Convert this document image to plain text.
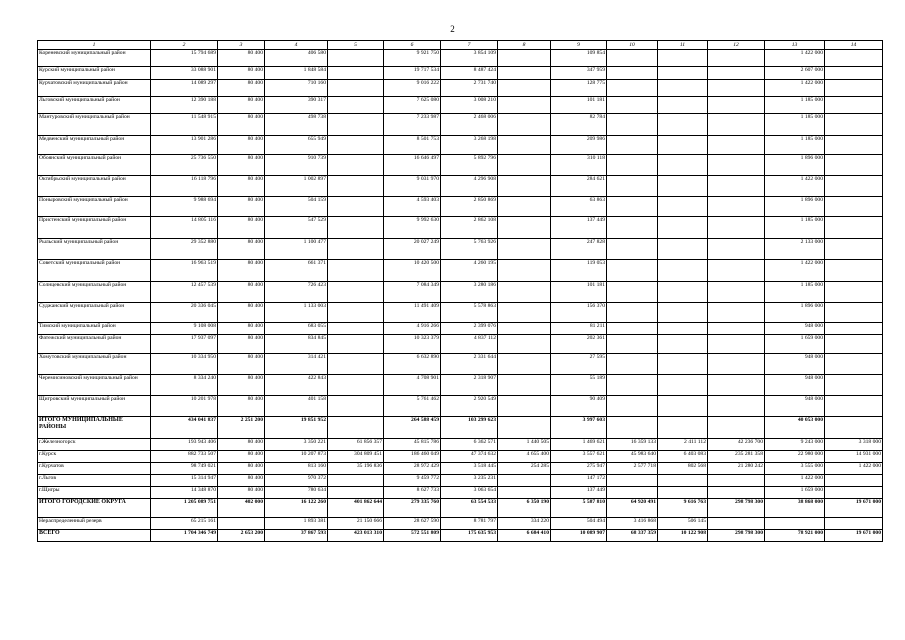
2
1	2	3	4	5	6	7	8	9	10	11	12	13	14
Кореневский муниципальный район	15 794 689	80 400	406 580		9 921 750	3 854 109		109 854				1 422 000	
Курский муниципальный район	33 088 901	80 400	1 848 584		19 717 534	8 487 424		347 959				2 607 000	
Курчатовский муниципальный район	14 089 297	80 400	710 160		9 016 222	2 731 740		128 775				1 422 000	
Льговский муниципальный район	12 390 188	80 400	390 317		7 625 080	3 008 210		101 181				1 185 000	
Мантуровский муниципальный район	11 548 915	80 400	498 738		7 233 987	2 468 006		82 784				1 185 000	
Медвенский муниципальный район	13 901 286	80 400	655 949		8 501 753	3 268 198		209 986				1 185 000	
Обоянский муниципальный район	25 736 550	80 400	910 739		16 646 497	5 892 796		310 118				1 896 000	
Октябрьский муниципальный район	16 118 796	80 400	1 002 897		9 031 970	4 296 908		284 621				1 422 000	
Поныровский муниципальный район	9 988 694	80 400	504 159		4 593 403	2 850 869		63 863				1 896 000	
Пристенский муниципальный район	14 805 116	80 400	547 529		9 992 630	2 862 108		137 449				1 185 000	
Рыльский муниципальный район	29 352 880	80 400	1 100 477		20 027 249	5 763 926		247 828				2 133 000	
Советский муниципальный район	16 963 519	80 400	661 371		10 420 500	4 260 195		119 053				1 422 000	
Солнцевский муниципальный район	12 457 539	80 400	726 423		7 084 349	3 280 186		101 181				1 185 000	
Суджанский муниципальный район	20 336 045	80 400	1 133 003		11 491 409	5 578 863		156 370				1 896 000	
Тимский муниципальный район	9 108 008	80 400	683 055		4 916 266	2 399 076		81 211				948 000	
Фатежский муниципальный район	17 937 097	80 400	834 845		10 323 379	4 837 112		202 361				1 659 000	
Хомутовский муниципальный район	10 334 950	80 400	314 421		6 632 890	2 331 644		27 595				948 000	
Черемисиновский муниципальный район	8 334 240	80 400	422 843		4 708 901	2 318 907		55 189				948 000	
Щигровский муниципальный район	10 201 978	80 400	401 158		5 761 462	2 920 549		90 409				948 000	
ИТОГО МУНИЦИПАЛЬНЫЕ РАЙОНЫ	434 041 837	2 251 200	19 851 952		264 588 459	103 299 623		3 997 603				40 053 000	
г.Железногорск	193 943 406	80 400	3 350 221	61 856 357	45 815 786	6 362 571	1 440 505	1 469 621	16 359 133	2 411 112	42 236 700	9 243 000	3 318 000
г.Курск	882 733 507	80 400	10 207 873	304 809 451	186 460 049	47 374 632	4 655 400	3 557 621	45 983 640	6 403 083	235 281 358	22 980 000	14 931 000
г.Курчатов	98 749 021	80 400	813 160	35 196 836	28 972 429	3 518 445	254 285	275 947	2 577 718	802 568	21 280 242	3 555 000	1 422 000
г.Льгов	15 314 947	80 400	970 372		9 459 772	3 235 231		147 172				1 422 000	
г.Щигры	14 348 870	80 400	780 634		8 627 733	3 063 654		137 449				1 659 000	
ИТОГО ГОРОДСКИЕ ОКРУГА	1 205 089 751	402 000	16 122 260	401 862 644	279 335 760	63 554 533	6 350 190	5 587 810	64 920 491	9 616 763	298 798 300	38 868 000	19 671 000
Нераспределенный резерв	65 215 161		1 893 381	21 150 666	28 627 590	8 781 797	334 220	504 494	3 416 868	506 145			
ВСЕГО	1 704 346 749	2 653 200	37 867 593	423 013 310	572 551 809	175 635 953	6 684 410	10 089 907	68 337 359	10 122 908	298 798 300	78 921 000	19 671 000
